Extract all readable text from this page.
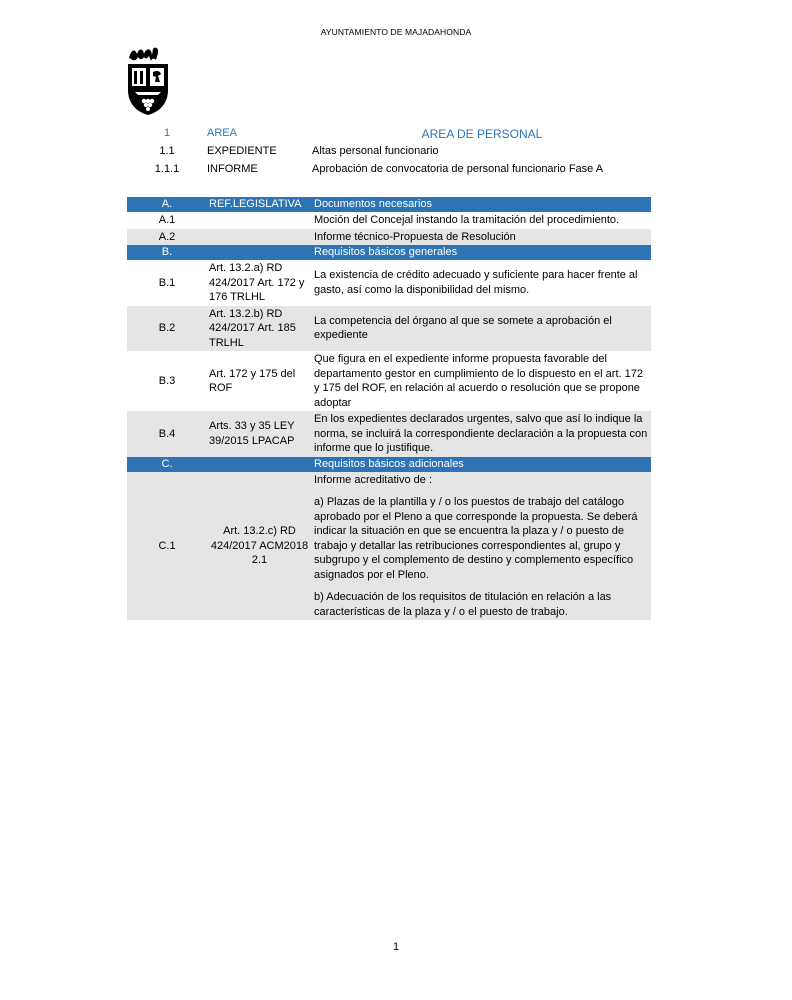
AYUNTAMIENTO DE MAJADAHONDA
1	AREA	AREA DE PERSONAL
1.1	EXPEDIENTE	Altas personal funcionario
1.1.1	INFORME	Aprobación de convocatoria de personal funcionario Fase A
A.	REF.LEGISLATIVA	Documentos necesarios
A.1		Moción del Concejal instando la tramitación del procedimiento.
A.2		Informe técnico-Propuesta de Resolución
B.		Requisitos básicos generales
B.1	Art. 13.2.a) RD 424/2017 Art. 172 y 176 TRLHL	La existencia de crédito adecuado y suficiente para hacer frente al gasto, así como la disponibilidad del mismo.
B.2	Art. 13.2.b) RD 424/2017 Art. 185 TRLHL	La competencia del órgano al que se somete a aprobación el expediente
B.3	Art. 172 y 175 del ROF	Que figura en el expediente informe propuesta favorable del departamento gestor en cumplimiento de lo dispuesto en el art. 172 y 175 del ROF, en relación al acuerdo o resolución que se propone adoptar
B.4	Arts. 33 y 35 LEY 39/2015 LPACAP	En los expedientes declarados urgentes, salvo que así lo indique la norma, se incluirá la correspondiente declaración a la propuesta con informe que lo justifique.
C.		Requisitos básicos adicionales
C.1	Art. 13.2.c) RD 424/2017 ACM2018 2.1	Informe acreditativo de :

a) Plazas de la plantilla y / o los puestos de trabajo del catálogo aprobado por el Pleno a que corresponde la propuesta. Se deberá indicar la situación en que se encuentra la plaza y / o puesto de trabajo y detallar las retribuciones correspondientes al, grupo y subgrupo y el complemento de destino y complemento específico asignados por el Pleno.

b) Adecuación de los requisitos de titulación en relación a las características de la plaza y / o el puesto de trabajo.

1
